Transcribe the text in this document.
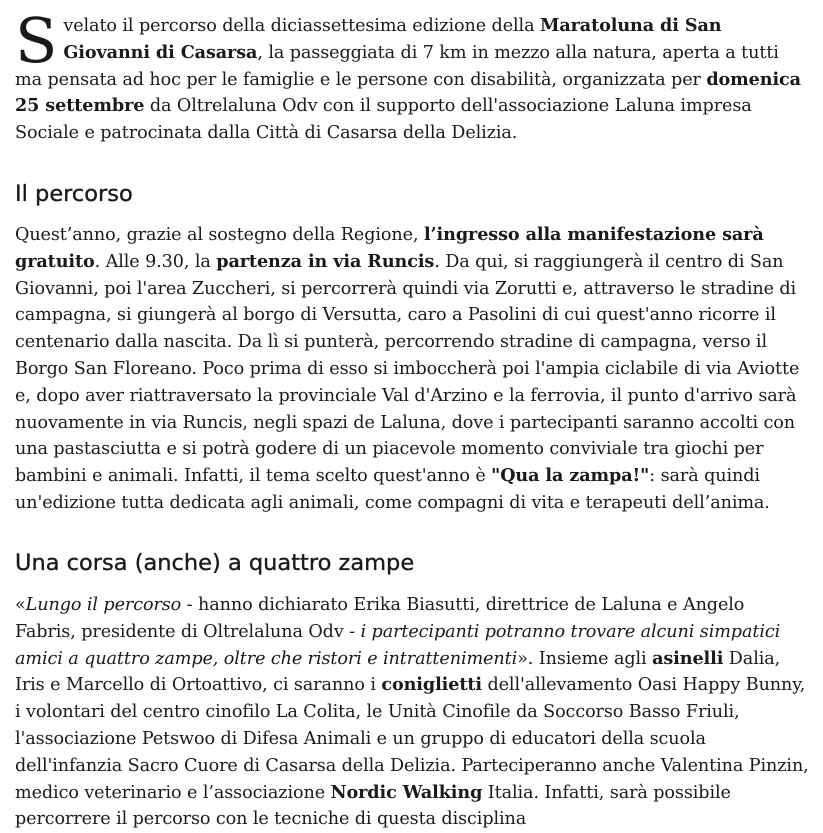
Svelato il percorso della diciassettesima edizione della Maratoluna di San Giovanni di Casarsa, la passeggiata di 7 km in mezzo alla natura, aperta a tutti ma pensata ad hoc per le famiglie e le persone con disabilità, organizzata per domenica 25 settembre da Oltrelaluna Odv con il supporto dell'associazione Laluna impresa Sociale e patrocinata dalla Città di Casarsa della Delizia.

Il percorso

Quest’anno, grazie al sostegno della Regione, l’ingresso alla manifestazione sarà gratuito. Alle 9.30, la partenza in via Runcis. Da qui, si raggiungerà il centro di San Giovanni, poi l'area Zuccheri, si percorrerà quindi via Zorutti e, attraverso le stradine di campagna, si giungerà al borgo di Versutta, caro a Pasolini di cui quest'anno ricorre il centenario dalla nascita. Da lì si punterà, percorrendo stradine di campagna, verso il Borgo San Floreano. Poco prima di esso si imboccherà poi l'ampia ciclabile di via Aviotte e, dopo aver riattraversato la provinciale Val d'Arzino e la ferrovia, il punto d'arrivo sarà nuovamente in via Runcis, negli spazi de Laluna, dove i partecipanti saranno accolti con una pastasciutta e si potrà godere di un piacevole momento conviviale tra giochi per bambini e animali. Infatti, il tema scelto quest'anno è "Qua la zampa!": sarà quindi un'edizione tutta dedicata agli animali, come compagni di vita e terapeuti dell’anima.

Una corsa (anche) a quattro zampe

«Lungo il percorso - hanno dichiarato Erika Biasutti, direttrice de Laluna e Angelo Fabris, presidente di Oltrelaluna Odv - i partecipanti potranno trovare alcuni simpatici amici a quattro zampe, oltre che ristori e intrattenimenti». Insieme agli asinelli Dalia, Iris e Marcello di Ortoattivo, ci saranno i coniglietti dell'allevamento Oasi Happy Bunny, i volontari del centro cinofilo La Colita, le Unità Cinofile da Soccorso Basso Friuli, l'associazione Petswoo di Difesa Animali e un gruppo di educatori della scuola dell'infanzia Sacro Cuore di Casarsa della Delizia. Parteciperanno anche Valentina Pinzin, medico veterinario e l’associazione Nordic Walking Italia. Infatti, sarà possibile percorrere il percorso con le tecniche di questa disciplina
